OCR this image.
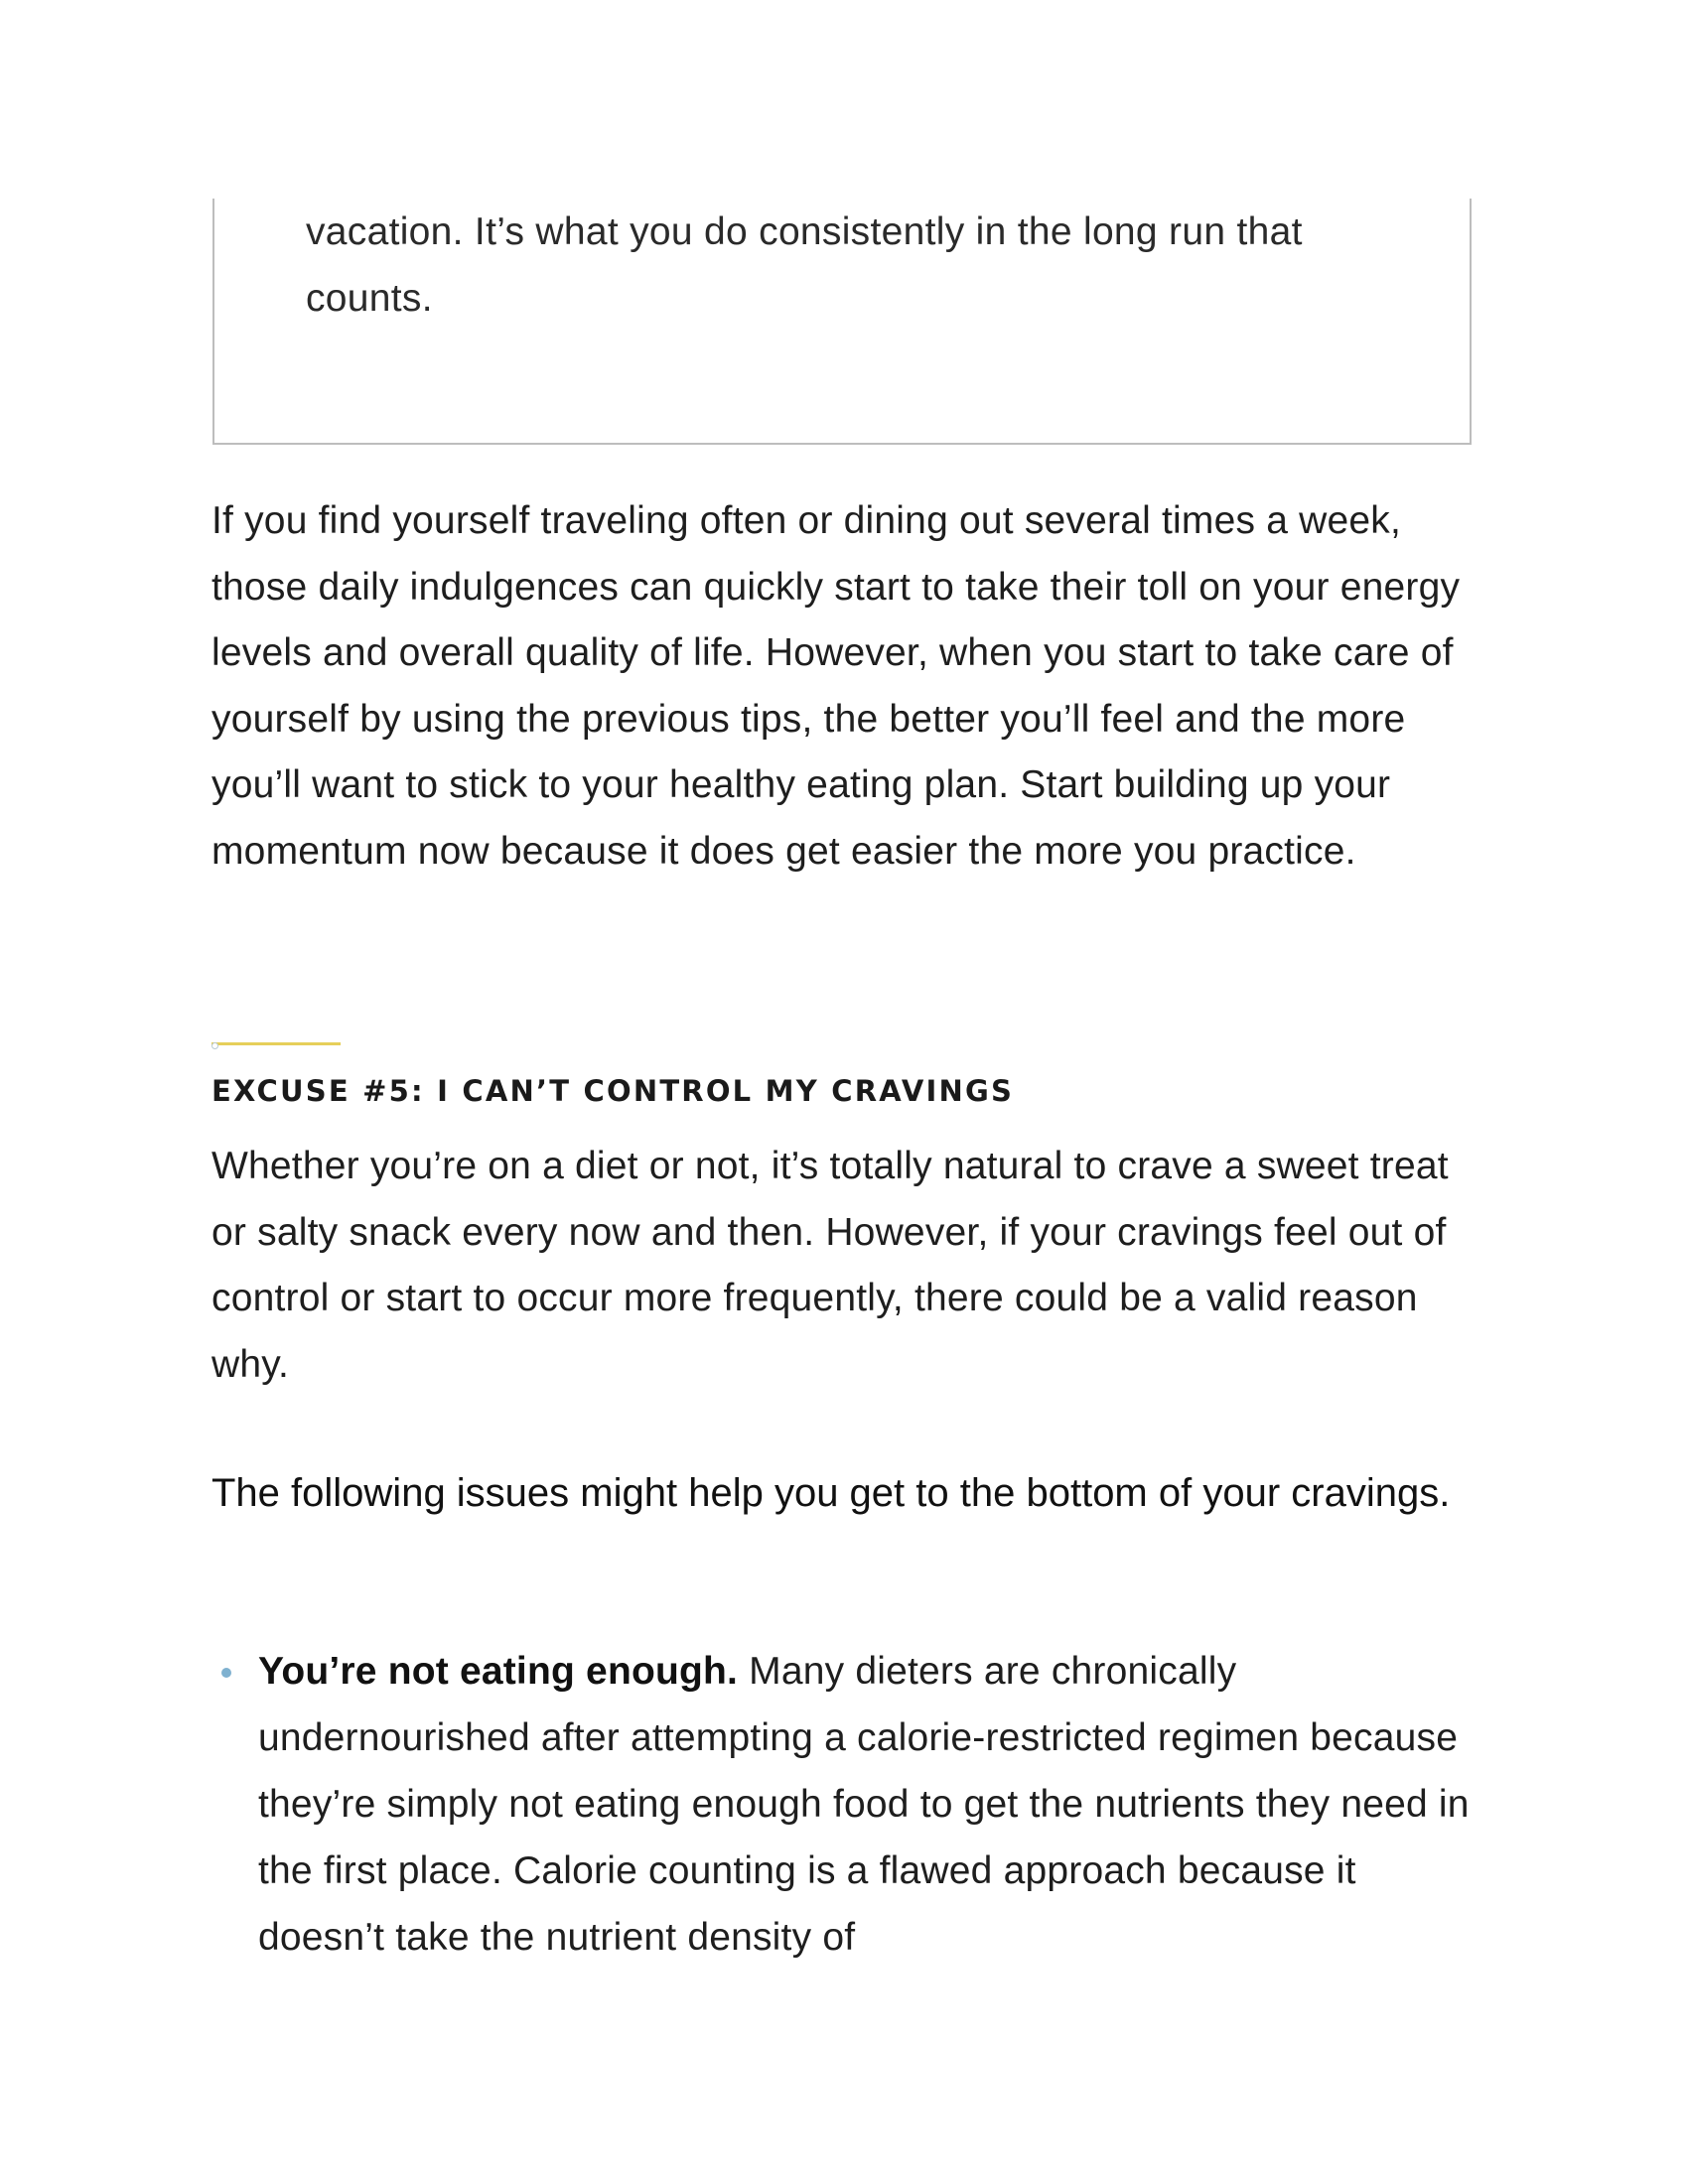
vacation. It’s what you do consistently in the long run that counts.

If you find yourself traveling often or dining out several times a week, those daily indulgences can quickly start to take their toll on your energy levels and overall quality of life. However, when you start to take care of yourself by using the previous tips, the better you’ll feel and the more you’ll want to stick to your healthy eating plan. Start building up your momentum now because it does get easier the more you practice.

EXCUSE #5: I CAN’T CONTROL MY CRAVINGS

Whether you’re on a diet or not, it’s totally natural to crave a sweet treat or salty snack every now and then. However, if your cravings feel out of control or start to occur more frequently, there could be a valid reason why.

The following issues might help you get to the bottom of your cravings.

You’re not eating enough. Many dieters are chronically undernourished after attempting a calorie-restricted regimen because they’re simply not eating enough food to get the nutrients they need in the first place. Calorie counting is a flawed approach because it doesn’t take the nutrient density of
